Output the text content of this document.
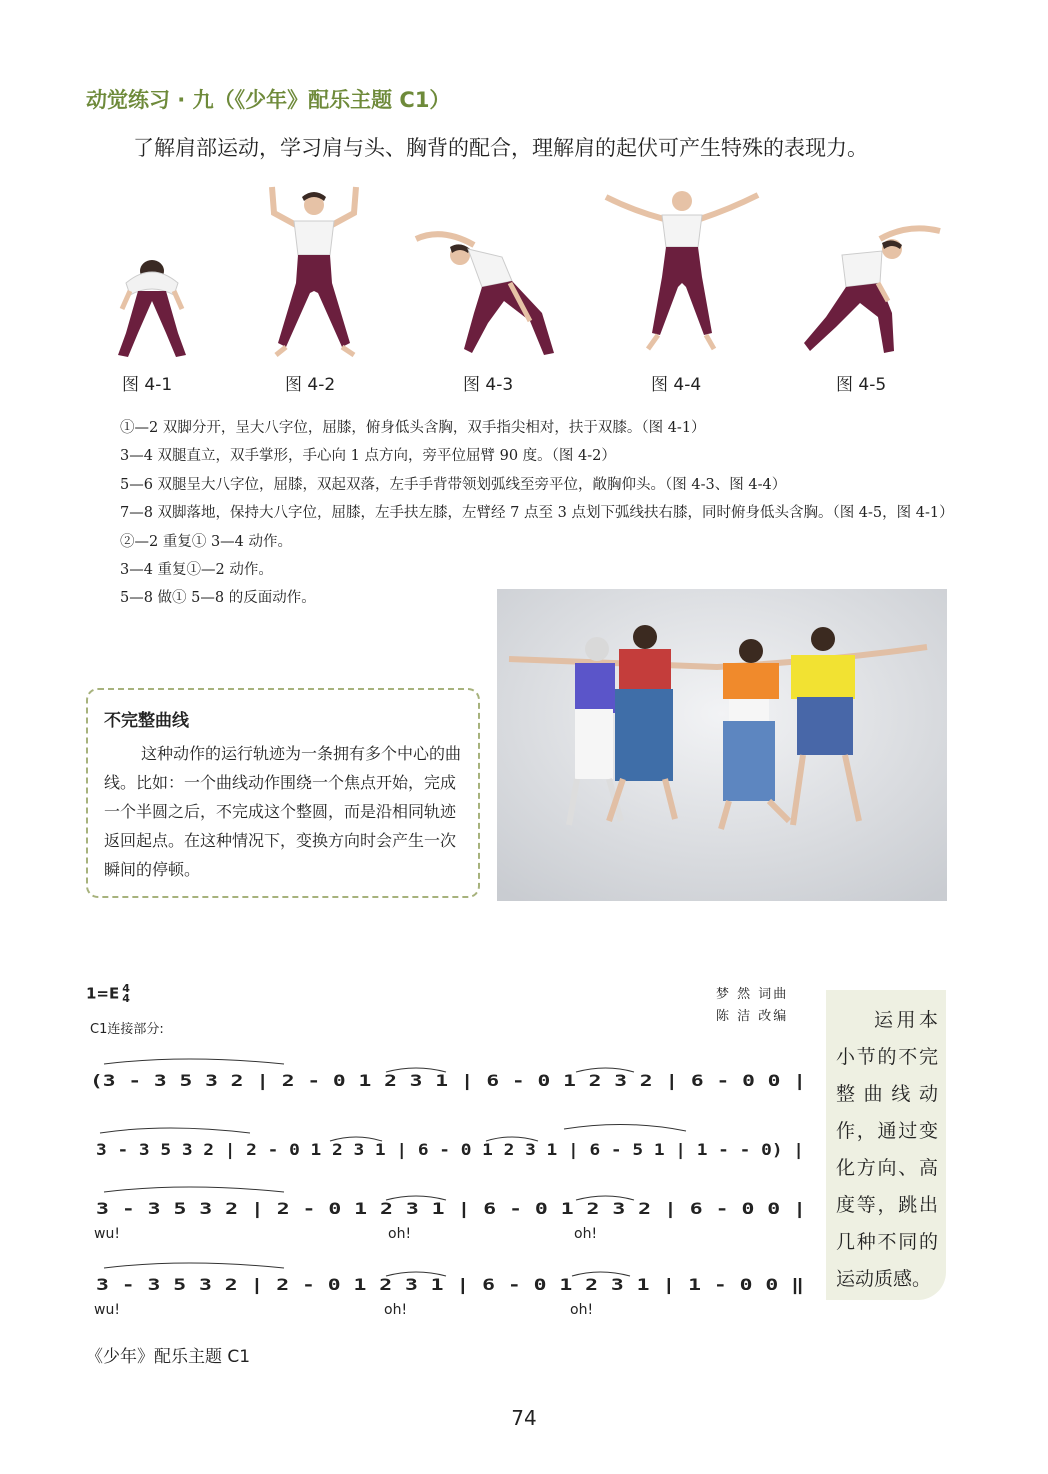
动觉练习 · 九（《少年》配乐主题 C1）
了解肩部运动，学习肩与头、胸背的配合，理解肩的起伏可产生特殊的表现力。
图 4-1	图 4-2	图 4-3	图 4-4	图 4-5

①—2 双脚分开，呈大八字位，屈膝，俯身低头含胸，双手指尖相对，扶于双膝。（图 4-1）

3—4 双腿直立，双手掌形，手心向 1 点方向，旁平位屈臂 90 度。（图 4-2）

5—6 双腿呈大八字位，屈膝，双起双落，左手手背带领划弧线至旁平位，敞胸仰头。（图 4-3、图 4-4）

7—8 双脚落地，保持大八字位，屈膝，左手扶左膝，左臂经 7 点至 3 点划下弧线扶右膝，同时俯身低头含胸。（图 4-5，图 4-1）

②—2 重复① 3—4 动作。

3—4 重复①—2 动作。

5—8 做① 5—8 的反面动作。

不完整曲线

这种动作的运行轨迹为一条拥有多个中心的曲线。比如：一个曲线动作围绕一个焦点开始，完成一个半圆之后，不完成这个整圆，而是沿相同轨迹返回起点。在这种情况下，变换方向时会产生一次瞬间的停顿。

1=E 4
4	梦 然 词曲
陈 洁 改编
C1连接部分:
(3 - 3 5 3 2 | 2 - 0 1 2 3 1 | 6 - 0 1 2 3 2 | 6 - 0 0 |
3 - 3 5 3 2 | 2 - 0 1 2 3 1 | 6 - 0 1 2 3 1 | 6 - 5 1 | 1 - - 0) |
3 - 3 5 3 2 | 2 - 0 1 2 3 1 | 6 - 0 1 2 3 2 | 6 - 0 0 |
wu!	oh!	oh!
3 - 3 5 3 2 | 2 - 0 1 2 3 1 | 6 - 0 1 2 3 1 | 1 - 0 0 ‖
wu!	oh!	oh!

运用本小节的不完整曲线动作，通过变化方向、高度等，跳出几种不同的运动质感。

《少年》配乐主题 C1
74
